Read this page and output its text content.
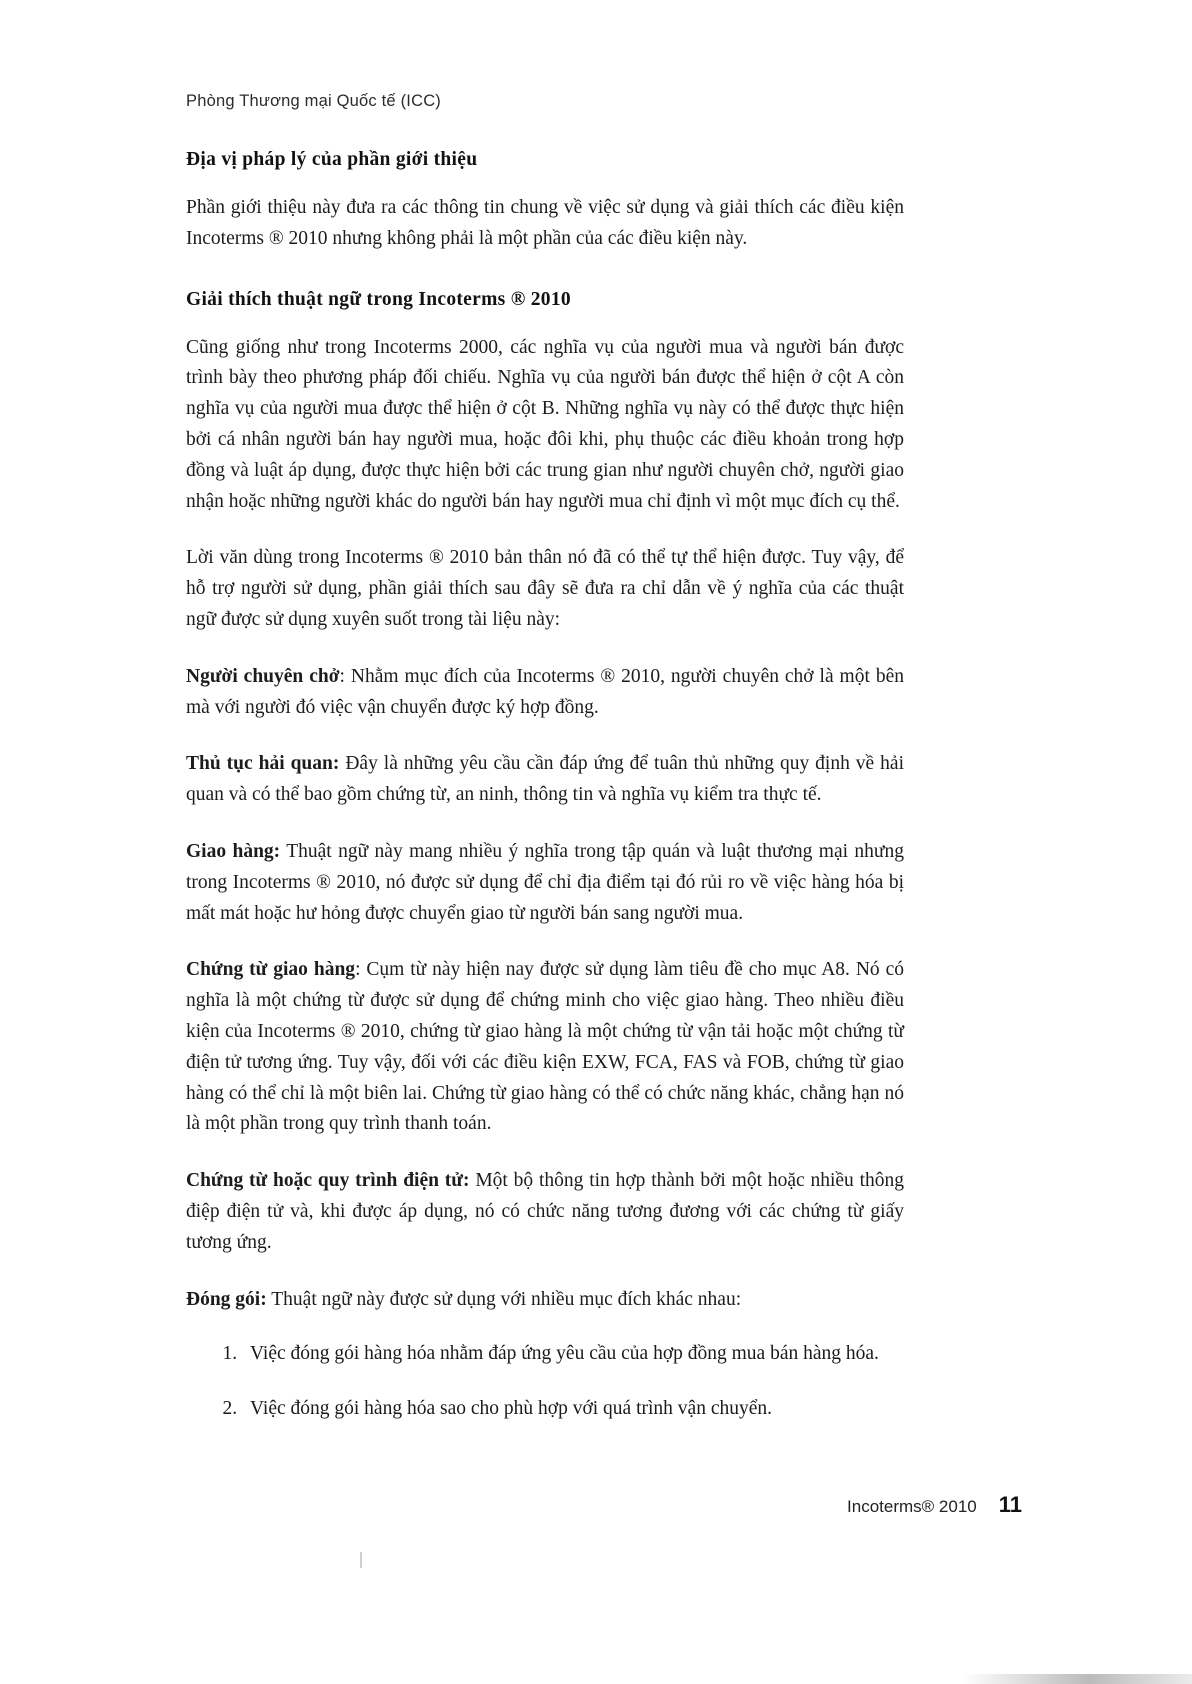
Phòng Thương mại Quốc tế (ICC)
Địa vị pháp lý của phần giới thiệu

Phần giới thiệu này đưa ra các thông tin chung về việc sử dụng và giải thích các điều kiện Incoterms ® 2010 nhưng không phải là một phần của các điều kiện này.

Giải thích thuật ngữ trong Incoterms ® 2010

Cũng giống như trong Incoterms 2000, các nghĩa vụ của người mua và người bán được trình bày theo phương pháp đối chiếu. Nghĩa vụ của người bán được thể hiện ở cột A còn nghĩa vụ của người mua được thể hiện ở cột B. Những nghĩa vụ này có thể được thực hiện bởi cá nhân người bán hay người mua, hoặc đôi khi, phụ thuộc các điều khoản trong hợp đồng và luật áp dụng, được thực hiện bởi các trung gian như người chuyên chở, người giao nhận hoặc những người khác do người bán hay người mua chỉ định vì một mục đích cụ thể.

Lời văn dùng trong Incoterms ® 2010 bản thân nó đã có thể tự thể hiện được. Tuy vậy, để hỗ trợ người sử dụng, phần giải thích sau đây sẽ đưa ra chỉ dẫn về ý nghĩa của các thuật ngữ được sử dụng xuyên suốt trong tài liệu này:

Người chuyên chở: Nhằm mục đích của Incoterms ® 2010, người chuyên chở là một bên mà với người đó việc vận chuyển được ký hợp đồng.

Thủ tục hải quan: Đây là những yêu cầu cần đáp ứng để tuân thủ những quy định về hải quan và có thể bao gồm chứng từ, an ninh, thông tin và nghĩa vụ kiểm tra thực tế.

Giao hàng: Thuật ngữ này mang nhiều ý nghĩa trong tập quán và luật thương mại nhưng trong Incoterms ® 2010, nó được sử dụng để chỉ địa điểm tại đó rủi ro về việc hàng hóa bị mất mát hoặc hư hỏng được chuyển giao từ người bán sang người mua.

Chứng từ giao hàng: Cụm từ này hiện nay được sử dụng làm tiêu đề cho mục A8. Nó có nghĩa là một chứng từ được sử dụng để chứng minh cho việc giao hàng. Theo nhiều điều kiện của Incoterms ® 2010, chứng từ giao hàng là một chứng từ vận tải hoặc một chứng từ điện tử tương ứng. Tuy vậy, đối với các điều kiện EXW, FCA, FAS và FOB, chứng từ giao hàng có thể chỉ là một biên lai. Chứng từ giao hàng có thể có chức năng khác, chẳng hạn nó là một phần trong quy trình thanh toán.

Chứng từ hoặc quy trình điện tử: Một bộ thông tin hợp thành bởi một hoặc nhiều thông điệp điện tử và, khi được áp dụng, nó có chức năng tương đương với các chứng từ giấy tương ứng.

Đóng gói: Thuật ngữ này được sử dụng với nhiều mục đích khác nhau:

1. Việc đóng gói hàng hóa nhằm đáp ứng yêu cầu của hợp đồng mua bán hàng hóa.
2. Việc đóng gói hàng hóa sao cho phù hợp với quá trình vận chuyển.
Incoterms® 2010 11
